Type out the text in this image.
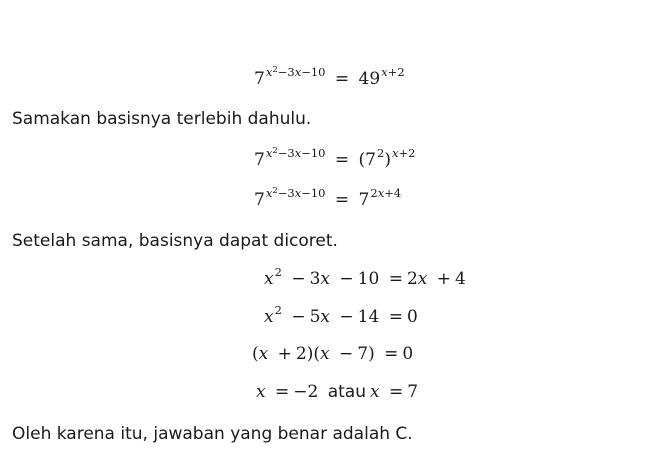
$7^{x^2-3x-10} = 49^{x+2}$

Samakan basisnya terlebih dahulu.

$7^{x^2-3x-10} = (7^2)^{x+2}$
$7^{x^2-3x-10} = 7^{2x+4}$

Setelah sama, basisnya dapat dicoret.

$x^2 - 3x - 10 = 2x + 4$
$x^2 - 5x - 14 = 0$
(x + 2)(x − 7) = 0
x = −2 atau x = 7

Oleh karena itu, jawaban yang benar adalah C.
